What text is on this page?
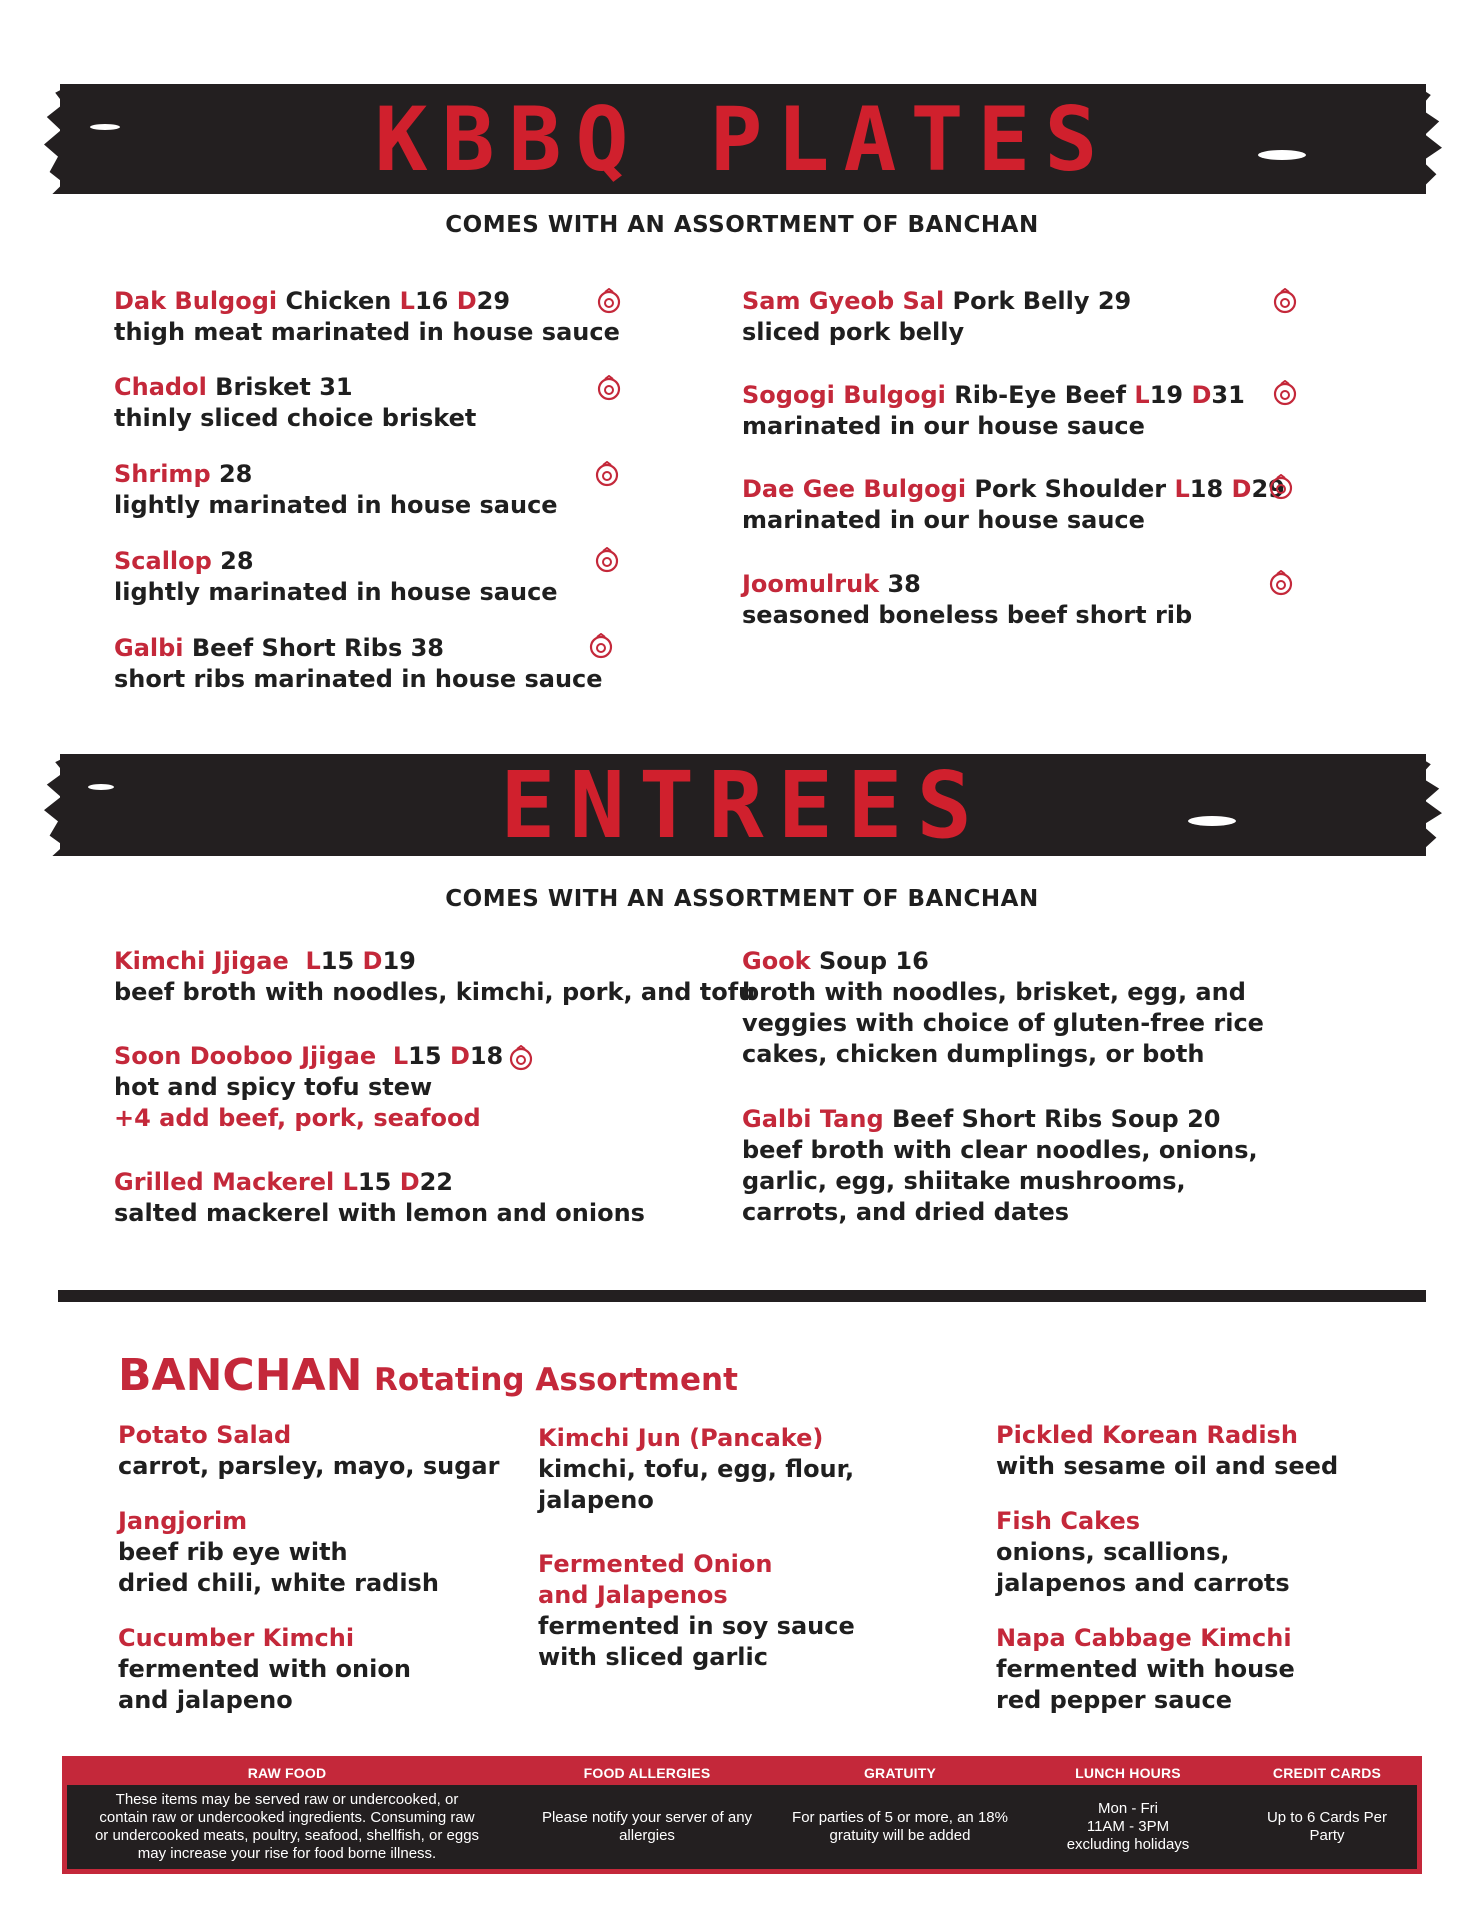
KBBQ PLATES
COMES WITH AN ASSORTMENT OF BANCHAN
Dak Bulgogi Chicken L16 D29
thigh meat marinated in house sauce
Chadol Brisket 31
thinly sliced choice brisket
Shrimp 28
lightly marinated in house sauce
Scallop 28
lightly marinated in house sauce
Galbi Beef Short Ribs 38
short ribs marinated in house sauce
Sam Gyeob Sal Pork Belly 29
sliced pork belly
Sogogi Bulgogi Rib-Eye Beef L19 D31
marinated in our house sauce
Dae Gee Bulgogi Pork Shoulder L18 D29
marinated in our house sauce
Joomulruk 38
seasoned boneless beef short rib
ENTREES
COMES WITH AN ASSORTMENT OF BANCHAN
Kimchi Jjigae L15 D19
beef broth with noodles, kimchi, pork, and tofu
Soon Dooboo Jjigae L15 D18
hot and spicy tofu stew
+4 add beef, pork, seafood
Grilled Mackerel L15 D22
salted mackerel with lemon and onions
Gook Soup 16
broth with noodles, brisket, egg, and
veggies with choice of gluten-free rice
cakes, chicken dumplings, or both
Galbi Tang Beef Short Ribs Soup 20
beef broth with clear noodles, onions,
garlic, egg, shiitake mushrooms,
carrots, and dried dates
BANCHAN Rotating Assortment
Potato Salad
carrot, parsley, mayo, sugar
Jangjorim
beef rib eye with
dried chili, white radish
Cucumber Kimchi
fermented with onion
and jalapeno
Kimchi Jun (Pancake)
kimchi, tofu, egg, flour,
jalapeno
Fermented Onion
and Jalapenos
fermented in soy sauce
with sliced garlic
Pickled Korean Radish
with sesame oil and seed
Fish Cakes
onions, scallions,
jalapenos and carrots
Napa Cabbage Kimchi
fermented with house
red pepper sauce
RAW FOOD
These items may be served raw or undercooked, or contain raw or undercooked ingredients. Consuming raw or undercooked meats, poultry, seafood, shellfish, or eggs may increase your rise for food borne illness.
FOOD ALLERGIES
Please notify your server of any allergies
GRATUITY
For parties of 5 or more, an 18% gratuity will be added
LUNCH HOURS
Mon - Fri
11AM - 3PM
excluding holidays
CREDIT CARDS
Up to 6 Cards Per Party
